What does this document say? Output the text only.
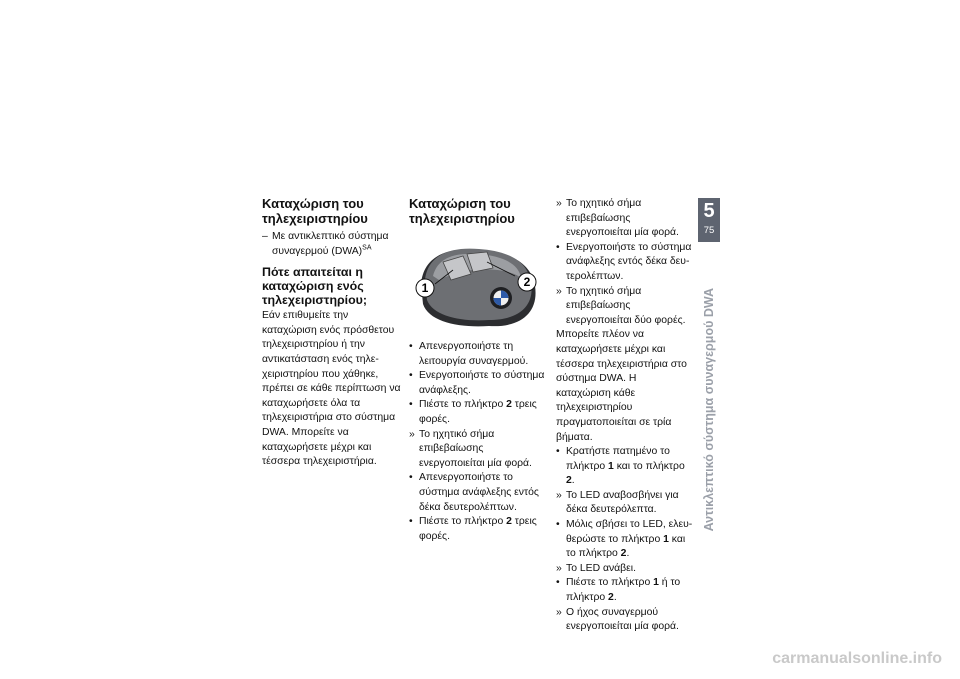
Καταχώριση του τηλεχειριστηρίου

– Με αντικλεπτικό σύστημα συναγερμού (DWA)$^{SA}$

Πότε απαιτείται η καταχώριση ενός τηλεχειριστηρίου;

Εάν επιθυμείτε την καταχώριση ενός πρόσθετου τηλεχειριστηρίου ή την αντικατάσταση ενός τηλεχειριστηρίου που χάθηκε, πρέπει σε κάθε περίπτωση να καταχωρήσετε όλα τα τηλεχειριστήρια στο σύστημα DWA. Μπορείτε να καταχωρήσετε μέχρι και τέσσερα τηλεχειριστήρια.

Καταχώριση του τηλεχειριστηρίου
1	2

• Απενεργοποιήστε τη λειτουργία συναγερμού.

• Ενεργοποιήστε το σύστημα ανάφλεξης.

• Πιέστε το πλήκτρο 2 τρεις φορές.

» Το ηχητικό σήμα επιβεβαίωσης ενεργοποιείται μία φορά.

• Απενεργοποιήστε το σύστημα ανάφλεξης εντός δέκα δευτερολέπτων.

• Πιέστε το πλήκτρο 2 τρεις φορές.

» Το ηχητικό σήμα επιβεβαίωσης ενεργοποιείται μία φορά.

• Ενεργοποιήστε το σύστημα ανάφλεξης εντός δέκα δευτερολέπτων.

» Το ηχητικό σήμα επιβεβαίωσης ενεργοποιείται δύο φορές.

Μπορείτε πλέον να καταχωρήσετε μέχρι και τέσσερα τηλεχειριστήρια στο σύστημα DWA. Η καταχώριση κάθε τηλεχειριστηρίου πραγματοποιείται σε τρία βήματα.

• Κρατήστε πατημένο το πλήκτρο 1 και το πλήκτρο 2.

» Το LED αναβοσβήνει για δέκα δευτερόλεπτα.

• Μόλις σβήσει το LED, ελευθερώστε το πλήκτρο 1 και το πλήκτρο 2.

» Το LED ανάβει.

• Πιέστε το πλήκτρο 1 ή το πλήκτρο 2.

» Ο ήχος συναγερμού ενεργοποιείται μία φορά.

5
75
Αντικλεπτικό σύστημα συναγερμού DWA
carmanualsonline.info
